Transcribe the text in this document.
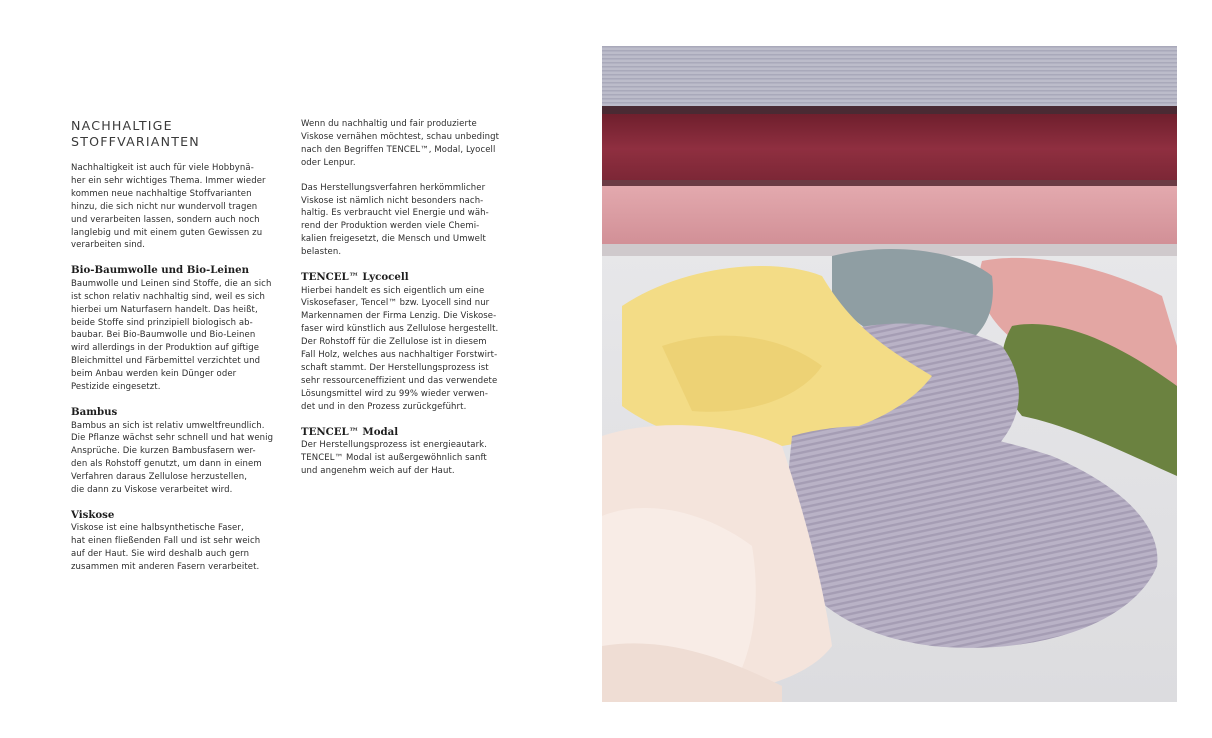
NACHHALTIGE
STOFFVARIANTEN

Nachhaltigkeit ist auch für viele Hobbynä-
her ein sehr wichtiges Thema. Immer wieder
kommen neue nachhaltige Stoffvarianten
hinzu, die sich nicht nur wundervoll tragen
und verarbeiten lassen, sondern auch noch
langlebig und mit einem guten Gewissen zu
verarbeiten sind.

Bio-Baumwolle und Bio-Leinen

Baumwolle und Leinen sind Stoffe, die an sich
ist schon relativ nachhaltig sind, weil es sich
hierbei um Naturfasern handelt. Das heißt,
beide Stoffe sind prinzipiell biologisch ab-
baubar. Bei Bio-Baumwolle und Bio-Leinen
wird allerdings in der Produktion auf giftige
Bleichmittel und Färbemittel verzichtet und
beim Anbau werden kein Dünger oder
Pestizide eingesetzt.

Bambus

Bambus an sich ist relativ umweltfreundlich.
Die Pflanze wächst sehr schnell und hat wenig
Ansprüche. Die kurzen Bambusfasern wer-
den als Rohstoff genutzt, um dann in einem
Verfahren daraus Zellulose herzustellen,
die dann zu Viskose verarbeitet wird.

Viskose

Viskose ist eine halbsynthetische Faser,
hat einen fließenden Fall und ist sehr weich
auf der Haut. Sie wird deshalb auch gern
zusammen mit anderen Fasern verarbeitet.

Wenn du nachhaltig und fair produzierte
Viskose vernähen möchtest, schau unbedingt
nach den Begriffen TENCEL™, Modal, Lyocell
oder Lenpur.

Das Herstellungsverfahren herkömmlicher
Viskose ist nämlich nicht besonders nach-
haltig. Es verbraucht viel Energie und wäh-
rend der Produktion werden viele Chemi-
kalien freigesetzt, die Mensch und Umwelt
belasten.

TENCEL™ Lycocell

Hierbei handelt es sich eigentlich um eine
Viskosefaser, Tencel™ bzw. Lyocell sind nur
Markennamen der Firma Lenzig. Die Viskose-
faser wird künstlich aus Zellulose hergestellt.
Der Rohstoff für die Zellulose ist in diesem
Fall Holz, welches aus nachhaltiger Forstwirt-
schaft stammt. Der Herstellungsprozess ist
sehr ressourceneffizient und das verwendete
Lösungsmittel wird zu 99% wieder verwen-
det und in den Prozess zurückgeführt.

TENCEL™ Modal

Der Herstellungsprozess ist energieautark.
TENCEL™ Modal ist außergewöhnlich sanft
und angenehm weich auf der Haut.
